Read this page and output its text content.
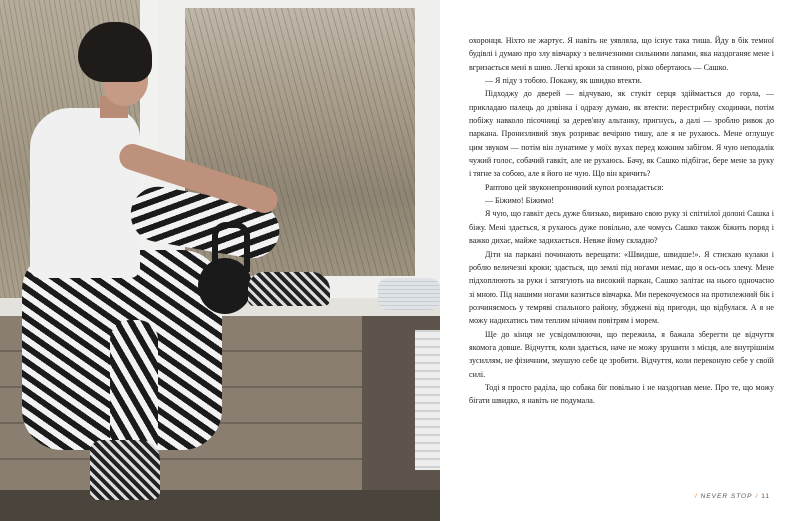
охоронця. Ніхто не жартує. Я навіть не уявляла, що існує така тиша. Йду в бік темної будівлі і думаю про злу вівчарку з величезними сильними лапами, яка наздоганяє мене і вгризається мені в шию. Легкі кроки за спиною, різко обертаюсь — Сашко.

— Я піду з тобою. Покажу, як швидко втекти.

Підходжу до дверей — відчуваю, як стукіт серця здіймається до горла, — прикладаю палець до дзвінка і одразу думаю, як втекти: перестрибну сходинки, потім побіжу навколо пісочниці за дерев'яну альтанку, пригнусь, а далі — зроблю ривок до паркана. Пронизливий звук розриває вечірню тишу, але я не рухаюсь. Мене оглушує цим звуком — потім він лунатиме у моїх вухах перед кожним забігом. Я чую неподалік чужий голос, собачий гавкіт, але не рухаюсь. Бачу, як Сашко підбігає, бере мене за руку і тягне за собою, але я його не чую. Що він кричить?

Раптово цей звуконепроникний купол розпадається:

— Біжимо! Біжимо!

Я чую, що гавкіт десь дуже близько, вириваю свою руку зі спітнілої долоні Сашка і біжу. Мені здається, я рухаюсь дуже повільно, але чомусь Сашко також біжить поряд і важко дихає, майже задихається. Невже йому складно?

Діти на паркані починають верещати: «Швидше, швидше!». Я стискаю кулаки і роблю величезні кроки; здається, що землі під ногами немає, що я ось-ось злечу. Мене підхоплюють за руки і затягують на високий паркан, Сашко залітає на нього одночасно зі мною. Під нашими ногами казиться вівчарка. Ми перекочуємося на протилежний бік і розчиняємось у темряві спального району, збуджені від пригоди, що відбулася. А я не можу надихатись тим теплим нічним повітрям і морем.

Ще до кінця не усвідомлюючи, що пережила, я бажала зберегти це відчуття якомога довше. Відчуття, коли здається, наче не можу зрушити з місця, але внутрішнім зусиллям, не фізичним, змушую себе це зробити. Відчуття, коли переконую себе у своїй силі.

Тоді я просто раділа, що собака біг повільно і не наздогнав мене. Про те, що можу бігати швидко, я навіть не подумала.

/ NEVER STOP / 11
